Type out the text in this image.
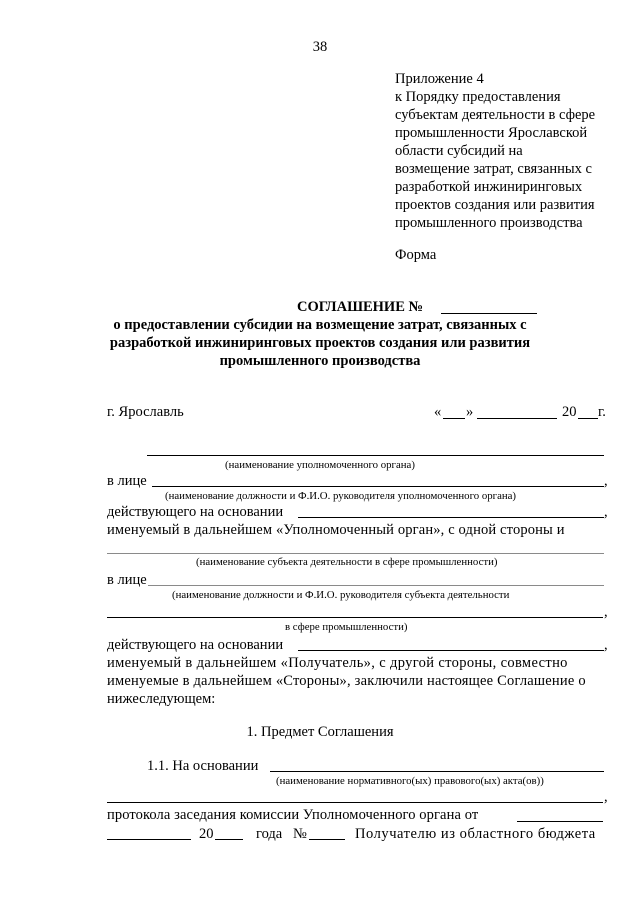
38
Приложение 4
к Порядку предоставления
субъектам деятельности в сфере
промышленности Ярославской
области субсидий на
возмещение затрат, связанных с
разработкой инжиниринговых
проектов создания или развития
промышленного производства
Форма
СОГЛАШЕНИЕ №
о предоставлении субсидии на возмещение затрат, связанных с
разработкой инжиниринговых проектов создания или развития
промышленного производства
г. Ярославль	« »	20 г.
(наименование уполномоченного органа)
в лице	,
(наименование должности и Ф.И.О. руководителя уполномоченного органа)
действующего на основании	,
именуемый в дальнейшем «Уполномоченный орган», с одной стороны и
(наименование субъекта деятельности в сфере промышленности)
в лице
(наименование должности и Ф.И.О. руководителя субъекта деятельности
,
в сфере промышленности)
действующего на основании	,
именуемый в дальнейшем «Получатель», с другой стороны, совместно
именуемые в дальнейшем «Стороны», заключили настоящее Соглашение о
нижеследующем:
1. Предмет Соглашения
1.1. На основании
(наименование нормативного(ых) правового(ых) акта(ов))
,
протокола заседания комиссии Уполномоченного органа от
20	года №	Получателю из областного бюджета
